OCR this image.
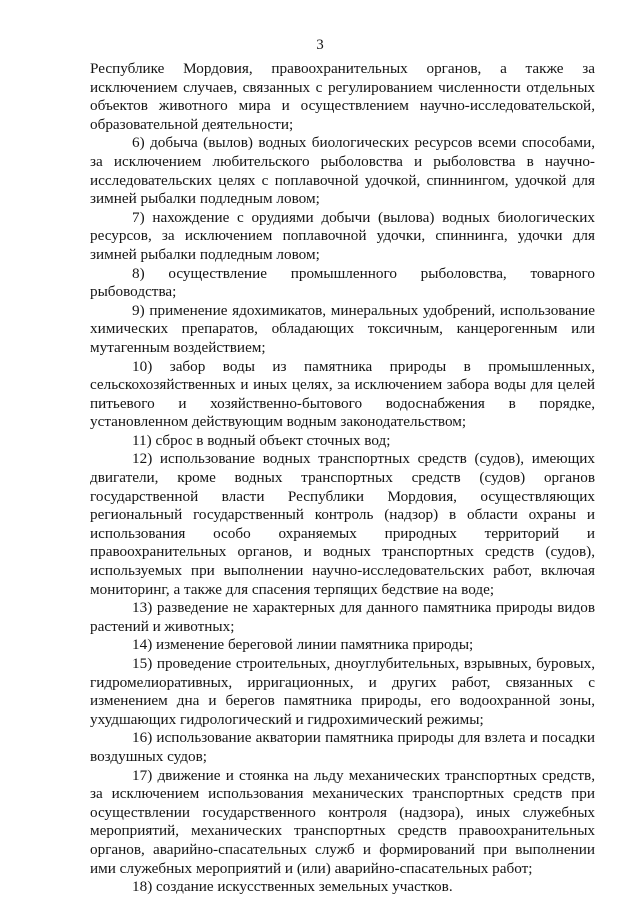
3

Республике Мордовия, правоохранительных органов, а также за исключением случаев, связанных с регулированием численности отдельных объектов животного мира и осуществлением научно-исследовательской, образовательной деятельности;

6) добыча (вылов) водных биологических ресурсов всеми способами, за исключением любительского рыболовства и рыболовства в научно-исследовательских целях с поплавочной удочкой, спиннингом, удочкой для зимней рыбалки подледным ловом;

7) нахождение с орудиями добычи (вылова) водных биологических ресурсов, за исключением поплавочной удочки, спиннинга, удочки для зимней рыбалки подледным ловом;

8) осуществление промышленного рыболовства, товарного рыбоводства;

9) применение ядохимикатов, минеральных удобрений, использование химических препаратов, обладающих токсичным, канцерогенным или мутагенным воздействием;

10) забор воды из памятника природы в промышленных, сельскохозяйственных и иных целях, за исключением забора воды для целей питьевого и хозяйственно-бытового водоснабжения в порядке, установленном действующим водным законодательством;

11) сброс в водный объект сточных вод;

12) использование водных транспортных средств (судов), имеющих двигатели, кроме водных транспортных средств (судов) органов государственной власти Республики Мордовия, осуществляющих региональный государственный контроль (надзор) в области охраны и использования особо охраняемых природных территорий и правоохранительных органов, и водных транспортных средств (судов), используемых при выполнении научно-исследовательских работ, включая мониторинг, а также для спасения терпящих бедствие на воде;

13) разведение не характерных для данного памятника природы видов растений и животных;

14) изменение береговой линии памятника природы;

15) проведение строительных, дноуглубительных, взрывных, буровых, гидромелиоративных, ирригационных, и других работ, связанных с изменением дна и берегов памятника природы, его водоохранной зоны, ухудшающих гидрологический и гидрохимический режимы;

16) использование акватории памятника природы для взлета и посадки воздушных судов;

17) движение и стоянка на льду механических транспортных средств, за исключением использования механических транспортных средств при осуществлении государственного контроля (надзора), иных служебных мероприятий, механических транспортных средств правоохранительных органов, аварийно-спасательных служб и формирований при выполнении ими служебных мероприятий и (или) аварийно-спасательных работ;

18) создание искусственных земельных участков.
